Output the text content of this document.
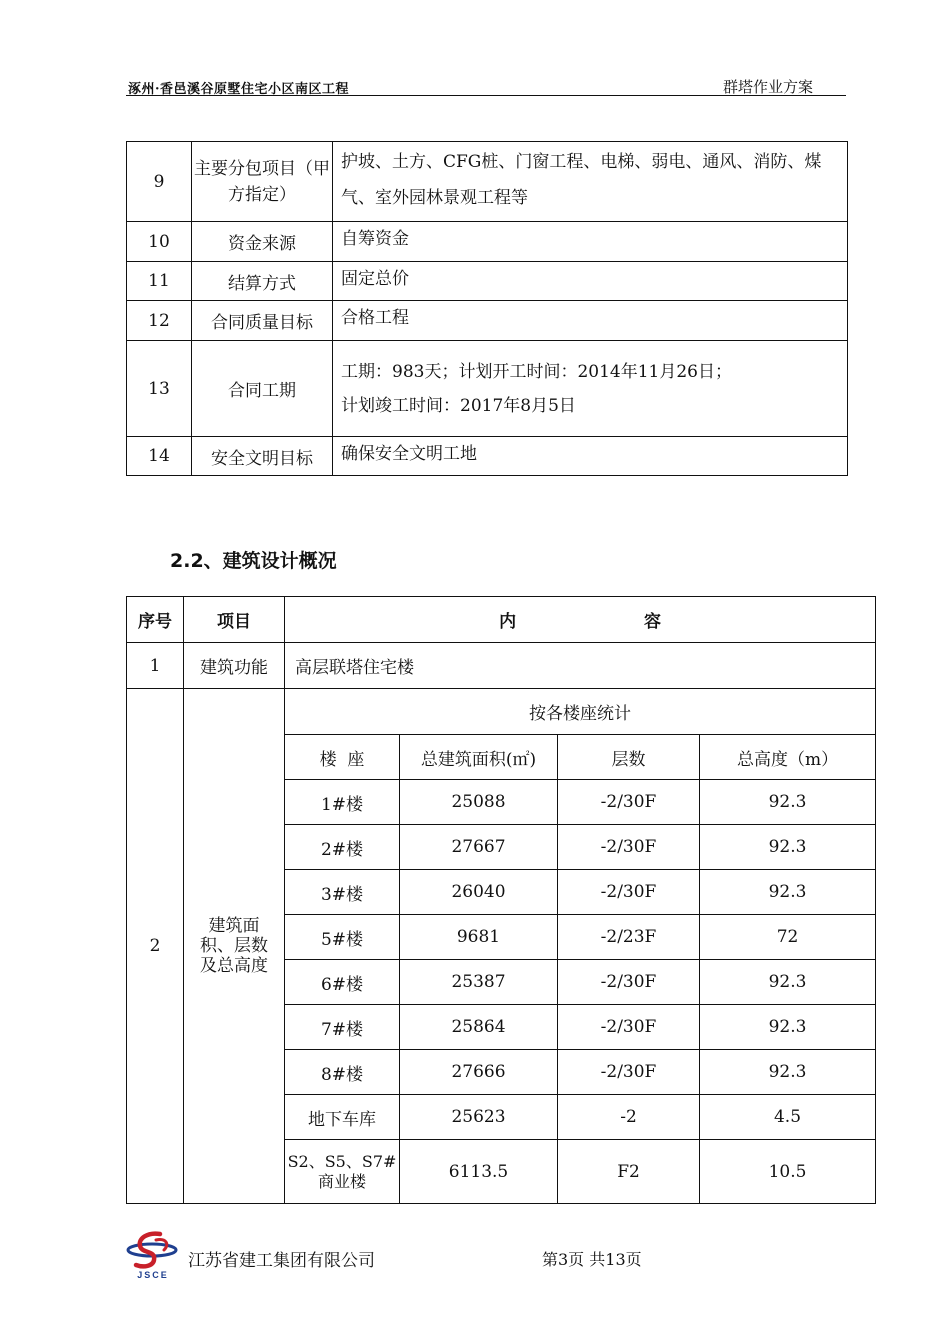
涿州·香邑溪谷原墅住宅小区南区工程	群塔作业方案
9	主要分包项目（甲方指定）	护坡、土方、CFG桩、门窗工程、电梯、弱电、通风、消防、煤气、室外园林景观工程等
10	资金来源	自筹资金
11	结算方式	固定总价
12	合同质量目标	合格工程
13	合同工期	工期：983天；计划开工时间：2014年11月26日；
计划竣工时间：2017年8月5日

14	安全文明目标	确保安全文明工地
2.2、建筑设计概况
序号	项目	内 容			
1	建筑功能	高层联塔住宅楼			
2	建筑面
积、层数
及总高度	按各楼座统计			
		楼  座	总建筑面积(㎡)	层数	总高度（m）
		1#楼	25088	-2/30F	92.3
		2#楼	27667	-2/30F	92.3
		3#楼	26040	-2/30F	92.3
		5#楼	9681	-2/23F	72
		6#楼	25387	-2/30F	92.3
		7#楼	25864	-2/30F	92.3
		8#楼	27666	-2/30F	92.3
		地下车库	25623	-2	4.5

		S2、S5、S7#
商业楼	6113.5	F2	10.5
JSCE
江苏省建工集团有限公司	第3页 共13页
